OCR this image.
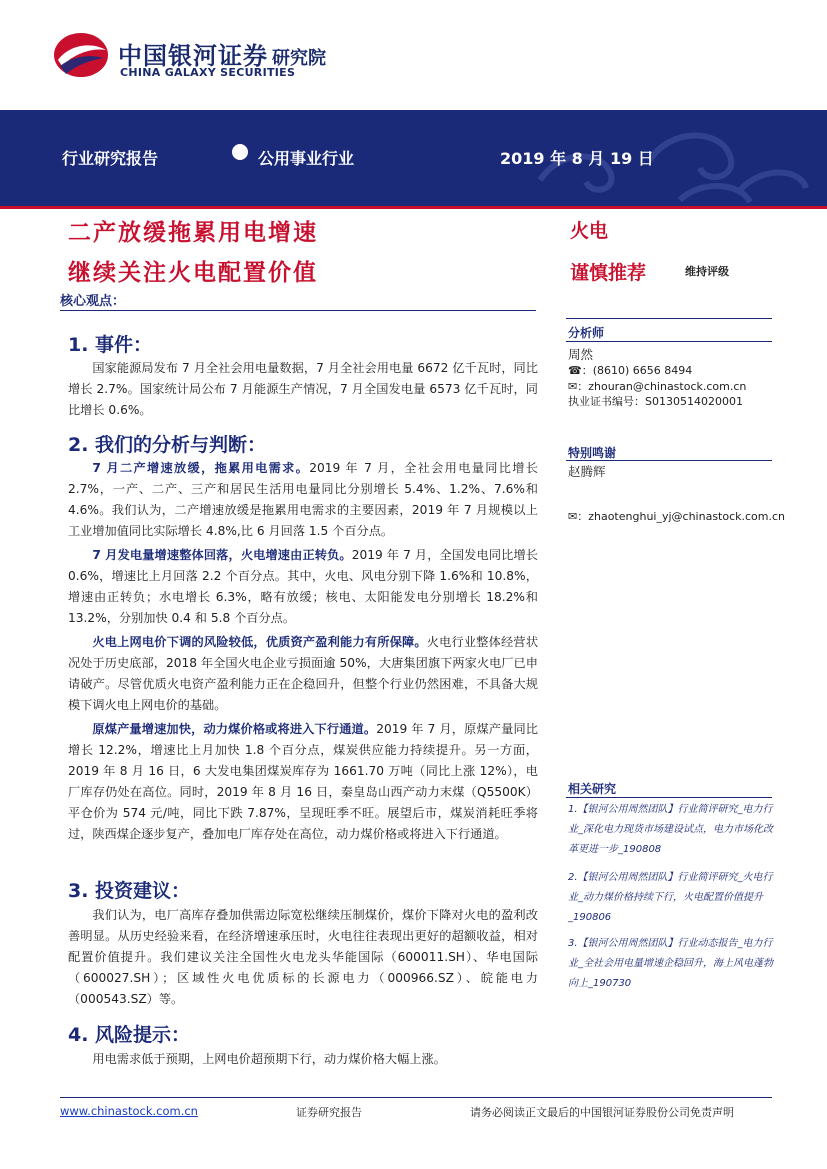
中国银河证券
CHINA GALAXY SECURITIES
研究院
行业研究报告	公用事业行业	2019 年 8 月 19 日
二产放缓拖累用电增速
继续关注火电配置价值
核心观点：
1. 事件：

国家能源局发布 7 月全社会用电量数据，7 月全社会用电量 6672 亿千瓦时，同比增长 2.7%。国家统计局公布 7 月能源生产情况，7 月全国发电量 6573 亿千瓦时，同比增长 0.6%。

2. 我们的分析与判断：

7 月二产增速放缓，拖累用电需求。2019 年 7 月，全社会用电量同比增长 2.7%，一产、二产、三产和居民生活用电量同比分别增长 5.4%、1.2%、7.6%和 4.6%。我们认为，二产增速放缓是拖累用电需求的主要因素，2019 年 7 月规模以上工业增加值同比实际增长 4.8%,比 6 月回落 1.5 个百分点。

7 月发电量增速整体回落，火电增速由正转负。2019 年 7 月，全国发电同比增长 0.6%，增速比上月回落 2.2 个百分点。其中，火电、风电分别下降 1.6%和 10.8%，增速由正转负；水电增长 6.3%，略有放缓；核电、太阳能发电分别增长 18.2%和 13.2%，分别加快 0.4 和 5.8 个百分点。

火电上网电价下调的风险较低，优质资产盈利能力有所保障。火电行业整体经营状况处于历史底部，2018 年全国火电企业亏损面逾 50%，大唐集团旗下两家火电厂已申请破产。尽管优质火电资产盈利能力正在企稳回升，但整个行业仍然困难，不具备大规模下调火电上网电价的基础。

原煤产量增速加快，动力煤价格或将进入下行通道。2019 年 7 月，原煤产量同比增长 12.2%，增速比上月加快 1.8 个百分点，煤炭供应能力持续提升。另一方面，2019 年 8 月 16 日，6 大发电集团煤炭库存为 1661.70 万吨（同比上涨 12%），电厂库存仍处在高位。同时，2019 年 8 月 16 日，秦皇岛山西产动力末煤（Q5500K）平仓价为 574 元/吨，同比下跌 7.87%，呈现旺季不旺。展望后市，煤炭消耗旺季将过，陕西煤企逐步复产，叠加电厂库存处在高位，动力煤价格或将进入下行通道。

3. 投资建议：

我们认为，电厂高库存叠加供需边际宽松继续压制煤价，煤价下降对火电的盈利改善明显。从历史经验来看，在经济增速承压时，火电往往表现出更好的超额收益，相对配置价值提升。我们建议关注全国性火电龙头华能国际（600011.SH）、华电国际（600027.SH）；区域性火电优质标的长源电力（000966.SZ）、皖能电力（000543.SZ）等。

4. 风险提示：

用电需求低于预期，上网电价超预期下行，动力煤价格大幅上涨。

火电
谨慎推荐	维持评级
分析师
周然
☎：(8610) 6656 8494
✉：zhouran@chinastock.com.cn
执业证书编号：S0130514020001
特别鸣谢
赵腾辉
✉：zhaotenghui_yj@chinastock.com.cn
相关研究

1.【银河公用周然团队】行业简评研究_电力行业_深化电力现货市场建设试点，电力市场化改革更进一步_190808

2.【银河公用周然团队】行业简评研究_火电行业_动力煤价格持续下行，火电配置价值提升_190806

3.【银河公用周然团队】行业动态报告_电力行业_全社会用电量增速企稳回升，海上风电蓬勃向上_190730

www.chinastock.com.cn	证券研究报告	请务必阅读正文最后的中国银河证券股份公司免责声明
